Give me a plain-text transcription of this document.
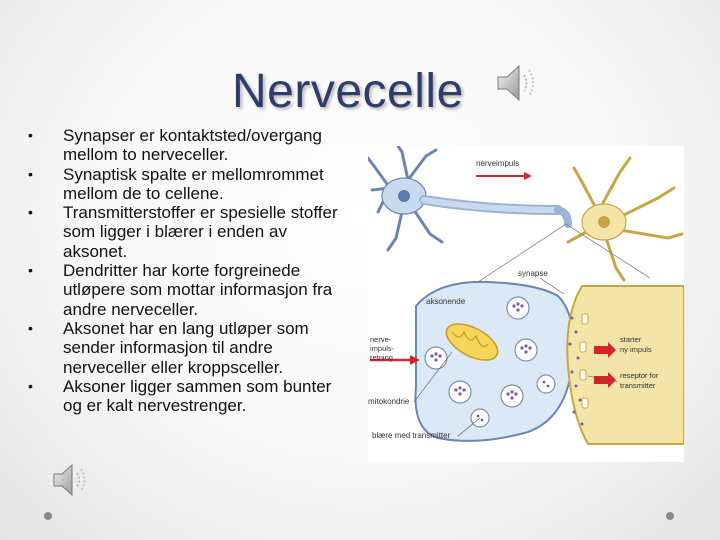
Nervecelle
•	Synapser er kontaktsted/overgang mellom to nerveceller.
•	Synaptisk spalte er mellomrommet mellom de to cellene.
•	Transmitterstoffer er spesielle stoffer som ligger i blærer i enden av aksonet.
•	Dendritter har korte forgreinede utløpere som mottar informasjon fra andre nerveceller.
•	Aksonet har en lang utløper som sender informasjon til andre nerveceller eller kroppsceller.
•	Aksoner ligger sammen som bunter og er kalt nervestrenger.
nerveimpuls
synapse
aksonende
nerve-
impuls-
retning
mitokondrie
blære med transmitter
starter
ny impuls
reseptor for
transmitter
